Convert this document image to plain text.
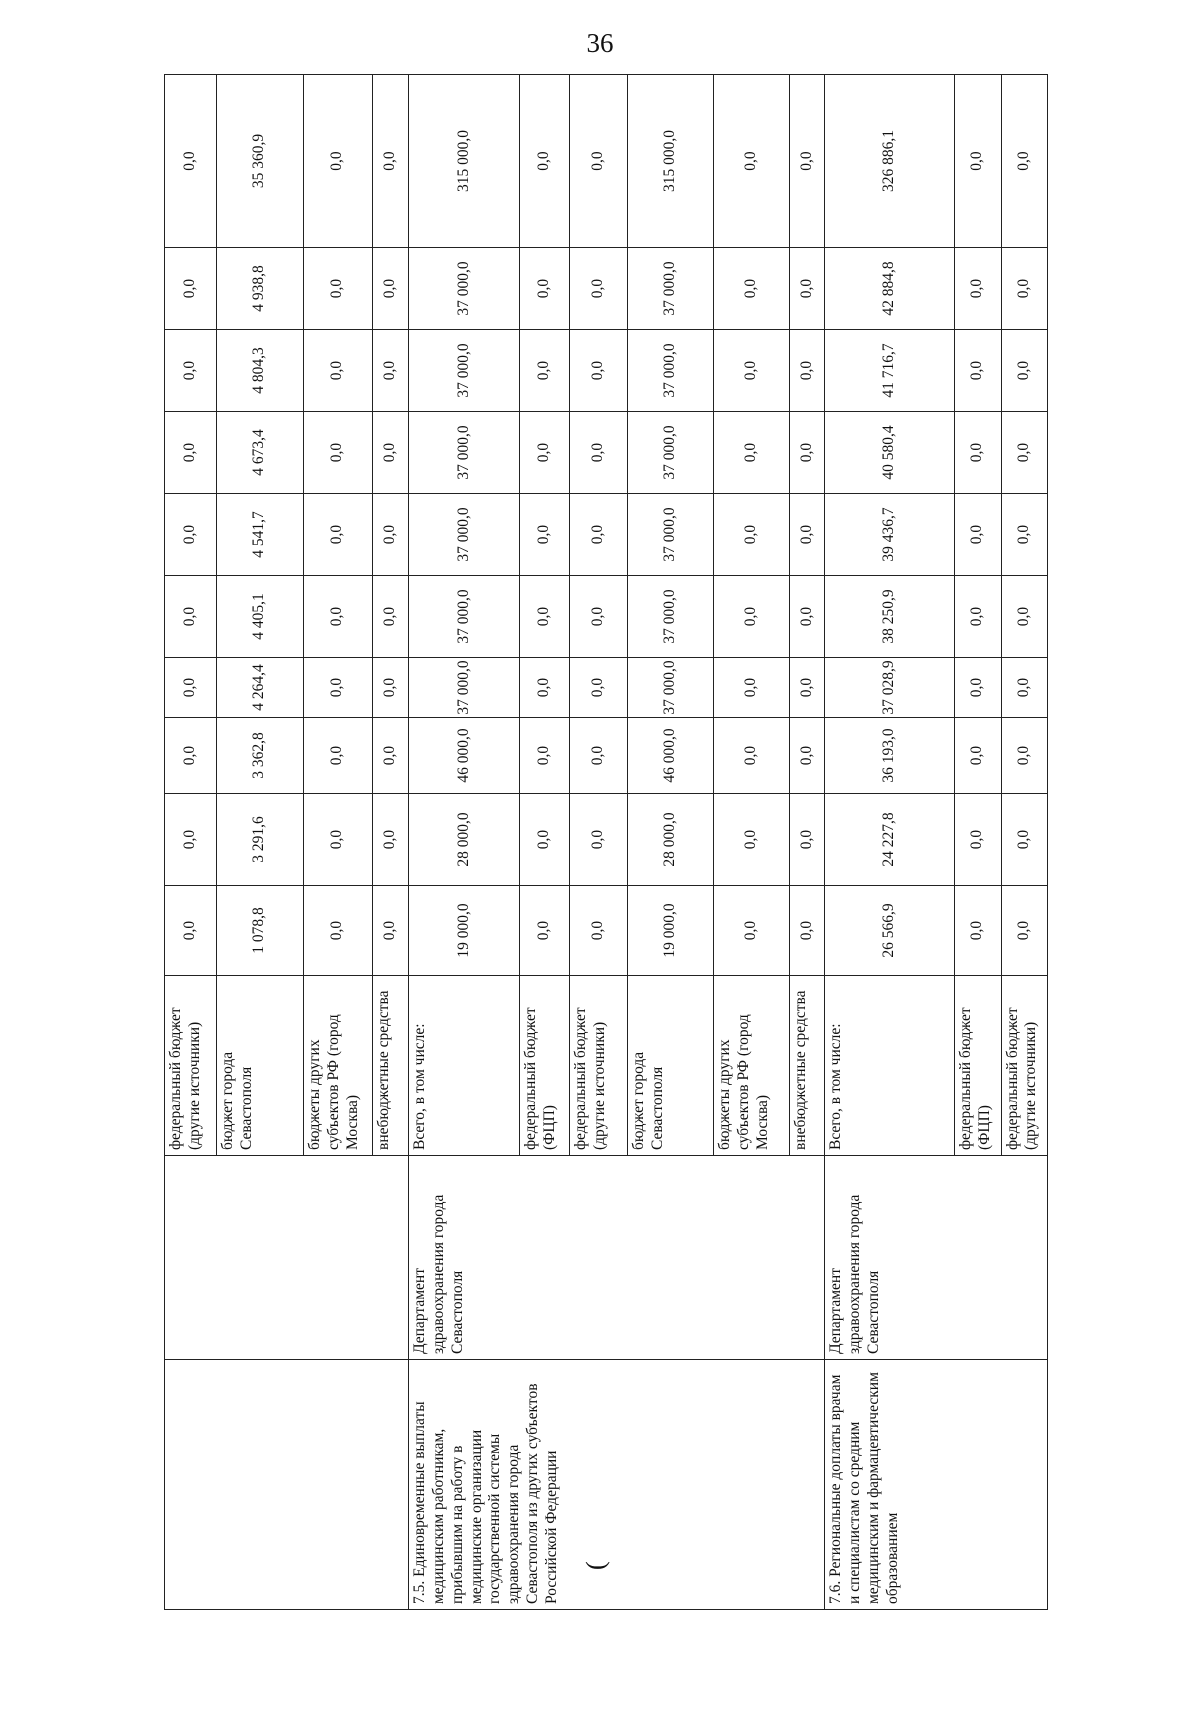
36
		федеральный бюджет (другие источники)	0,0	0,0	0,0	0,0	0,0	0,0	0,0	0,0	0,0	0,0
		бюджет города Севастополя	1 078,8	3 291,6	3 362,8	4 264,4	4 405,1	4 541,7	4 673,4	4 804,3	4 938,8	35 360,9
		бюджеты других субъектов РФ (город Москва)	0,0	0,0	0,0	0,0	0,0	0,0	0,0	0,0	0,0	0,0
		внебюджетные средства	0,0	0,0	0,0	0,0	0,0	0,0	0,0	0,0	0,0	0,0
7.5. Единовременные выплаты медицинским работникам, прибывшим на работу в медицинские организации государственной системы здравоохранения города Севастополя из других субъектов Российской Федерации (	Департамент здравоохранения города Севастополя	Всего, в том числе:	19 000,0	28 000,0	46 000,0	37 000,0	37 000,0	37 000,0	37 000,0	37 000,0	37 000,0	315 000,0
		федеральный бюджет (ФЦП)	0,0	0,0	0,0	0,0	0,0	0,0	0,0	0,0	0,0	0,0
		федеральный бюджет (другие источники)	0,0	0,0	0,0	0,0	0,0	0,0	0,0	0,0	0,0	0,0
		бюджет города Севастополя	19 000,0	28 000,0	46 000,0	37 000,0	37 000,0	37 000,0	37 000,0	37 000,0	37 000,0	315 000,0
		бюджеты других субъектов РФ (город Москва)	0,0	0,0	0,0	0,0	0,0	0,0	0,0	0,0	0,0	0,0
		внебюджетные средства	0,0	0,0	0,0	0,0	0,0	0,0	0,0	0,0	0,0	0,0
7.6. Региональные доплаты врачам и специалистам со средним медицинским и фармацевтическим образованием	Департамент здравоохранения города Севастополя	Всего, в том числе:	26 566,9	24 227,8	36 193,0	37 028,9	38 250,9	39 436,7	40 580,4	41 716,7	42 884,8	326 886,1
		федеральный бюджет (ФЦП)	0,0	0,0	0,0	0,0	0,0	0,0	0,0	0,0	0,0	0,0
		федеральный бюджет (другие источники)	0,0	0,0	0,0	0,0	0,0	0,0	0,0	0,0	0,0	0,0
